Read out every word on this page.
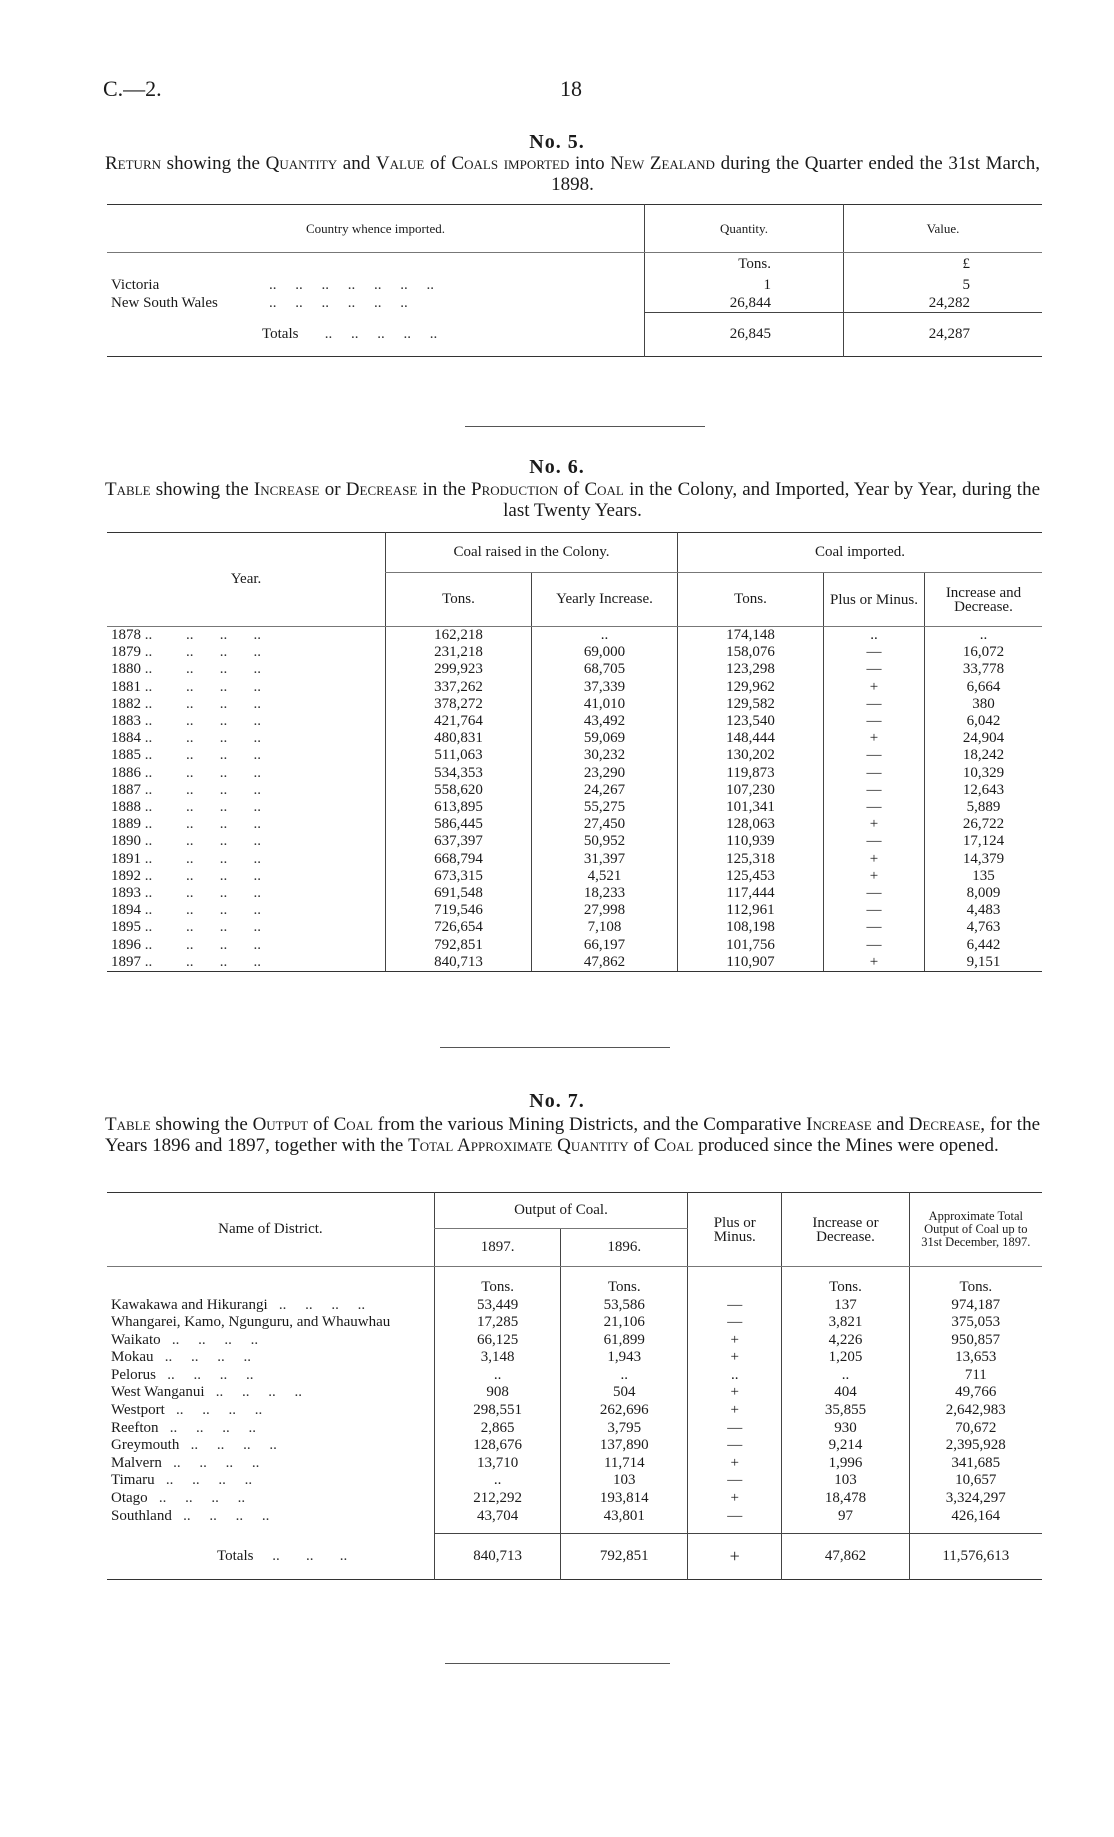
C.—2.	18
No. 5.
Return showing the Quantity and Value of Coals imported into New Zealand during the Quarter ended the 31st March, 1898.
Country whence imported.		Quantity.	Value.
		Tons.	£
Victoria	..     ..     ..     ..     ..     ..     ..	1	5
New South Wales	..     ..     ..     ..     ..     ..	26,844	24,282
Totals       ..     ..     ..     ..     ..		26,845	24,287
No. 6.
Table showing the Increase or Decrease in the Production of Coal in the Colony, and Imported, Year by Year, during the last Twenty Years.
Year.	Coal raised in the Colony.		Coal imported.		
	Tons.	Yearly Increase.	Tons.	Plus or Minus.	Increase and Decrease.
1878 ..         ..       ..       ..	162,218	..	174,148	..	..
1879 ..         ..       ..       ..	231,218	69,000	158,076	—	16,072
1880 ..         ..       ..       ..	299,923	68,705	123,298	—	33,778
1881 ..         ..       ..       ..	337,262	37,339	129,962	+	6,664
1882 ..         ..       ..       ..	378,272	41,010	129,582	—	380
1883 ..         ..       ..       ..	421,764	43,492	123,540	—	6,042
1884 ..         ..       ..       ..	480,831	59,069	148,444	+	24,904
1885 ..         ..       ..       ..	511,063	30,232	130,202	—	18,242
1886 ..         ..       ..       ..	534,353	23,290	119,873	—	10,329
1887 ..         ..       ..       ..	558,620	24,267	107,230	—	12,643
1888 ..         ..       ..       ..	613,895	55,275	101,341	—	5,889
1889 ..         ..       ..       ..	586,445	27,450	128,063	+	26,722
1890 ..         ..       ..       ..	637,397	50,952	110,939	—	17,124
1891 ..         ..       ..       ..	668,794	31,397	125,318	+	14,379
1892 ..         ..       ..       ..	673,315	4,521	125,453	+	135
1893 ..         ..       ..       ..	691,548	18,233	117,444	—	8,009
1894 ..         ..       ..       ..	719,546	27,998	112,961	—	4,483
1895 ..         ..       ..       ..	726,654	7,108	108,198	—	4,763
1896 ..         ..       ..       ..	792,851	66,197	101,756	—	6,442
1897 ..         ..       ..       ..	840,713	47,862	110,907	+	9,151
No. 7.
Table showing the Output of Coal from the various Mining Districts, and the Comparative Increase and Decrease, for the Years 1896 and 1897, together with the Total Approximate Quantity of Coal produced since the Mines were opened.
Name of District.	Output of Coal.		Plus or Minus.	Increase or Decrease.	Approximate Total Output of Coal up to 31st December, 1897.
	1897.	1896.			
	Tons.	Tons.		Tons.	Tons.
Kawakawa and Hikurangi   ..     ..     ..     ..	53,449	53,586	—	137	974,187
Whangarei, Kamo, Ngunguru, and Whauwhau	17,285	21,106	—	3,821	375,053
Waikato   ..     ..     ..     ..	66,125	61,899	+	4,226	950,857
Mokau   ..     ..     ..     ..	3,148	1,943	+	1,205	13,653
Pelorus   ..     ..     ..     ..	..	..	..	..	711
West Wanganui   ..     ..     ..     ..	908	504	+	404	49,766
Westport   ..     ..     ..     ..	298,551	262,696	+	35,855	2,642,983
Reefton   ..     ..     ..     ..	2,865	3,795	—	930	70,672
Greymouth   ..     ..     ..     ..	128,676	137,890	—	9,214	2,395,928
Malvern   ..     ..     ..     ..	13,710	11,714	+	1,996	341,685
Timaru   ..     ..     ..     ..	..	103	—	103	10,657
Otago   ..     ..     ..     ..	212,292	193,814	+	18,478	3,324,297
Southland   ..     ..     ..     ..	43,704	43,801	—	97	426,164
Totals     ..       ..       ..	840,713	792,851	+	47,862	11,576,613
